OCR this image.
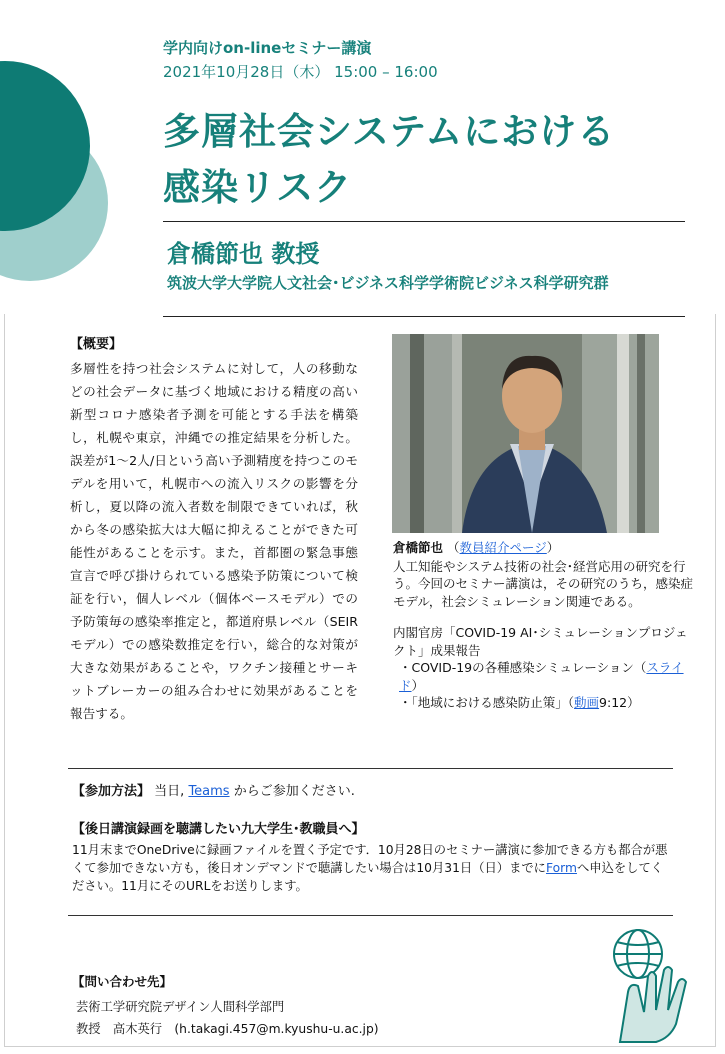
学内向けon-lineセミナー講演
2021年10月28日（木） 15:00 – 16:00
多層社会システムにおける
感染リスク
倉橋節也 教授
筑波大学大学院人文社会･ビジネス科学学術院ビジネス科学研究群
【概要】
多層性を持つ社会システムに対して，人の移動などの社会データに基づく地域における精度の高い新型コロナ感染者予測を可能とする手法を構築し，札幌や東京，沖縄での推定結果を分析した。誤差が1～2人/日という高い予測精度を持つこのモデルを用いて，札幌市への流入リスクの影響を分析し，夏以降の流入者数を制限できていれば，秋から冬の感染拡大は大幅に抑えることができた可能性があることを示す。また，首都圏の緊急事態宣言で呼び掛けられている感染予防策について検証を行い，個人レベル（個体ベースモデル）での予防策毎の感染率推定と，都道府県レベル（SEIRモデル）での感染数推定を行い，総合的な対策が大きな効果があることや，ワクチン接種とサーキットブレーカーの組み合わせに効果があることを報告する。
倉橋節也 （教員紹介ページ）
人工知能やシステム技術の社会･経営応用の研究を行う。今回のセミナー講演は，その研究のうち，感染症モデル，社会シミュレーション関連である。
内閣官房「COVID-19 AI･シミュレーションプロジェクト」成果報告
・COVID-19の各種感染シミュレーション（スライド）
・「地域における感染防止策」（動画9:12）
【参加方法】 当日, Teams からご参加ください.
【後日講演録画を聴講したい九大学生･教職員へ】
11月末までOneDriveに録画ファイルを置く予定です．10月28日のセミナー講演に参加できる方も都合が悪くて参加できない方も，後日オンデマンドで聴講したい場合は10月31日（日）までにFormへ申込をしてください。11月にそのURLをお送りします。
【問い合わせ先】
芸術工学研究院デザイン人間科学部門
教授　高木英行　(h.takagi.457@m.kyushu-u.ac.jp)
